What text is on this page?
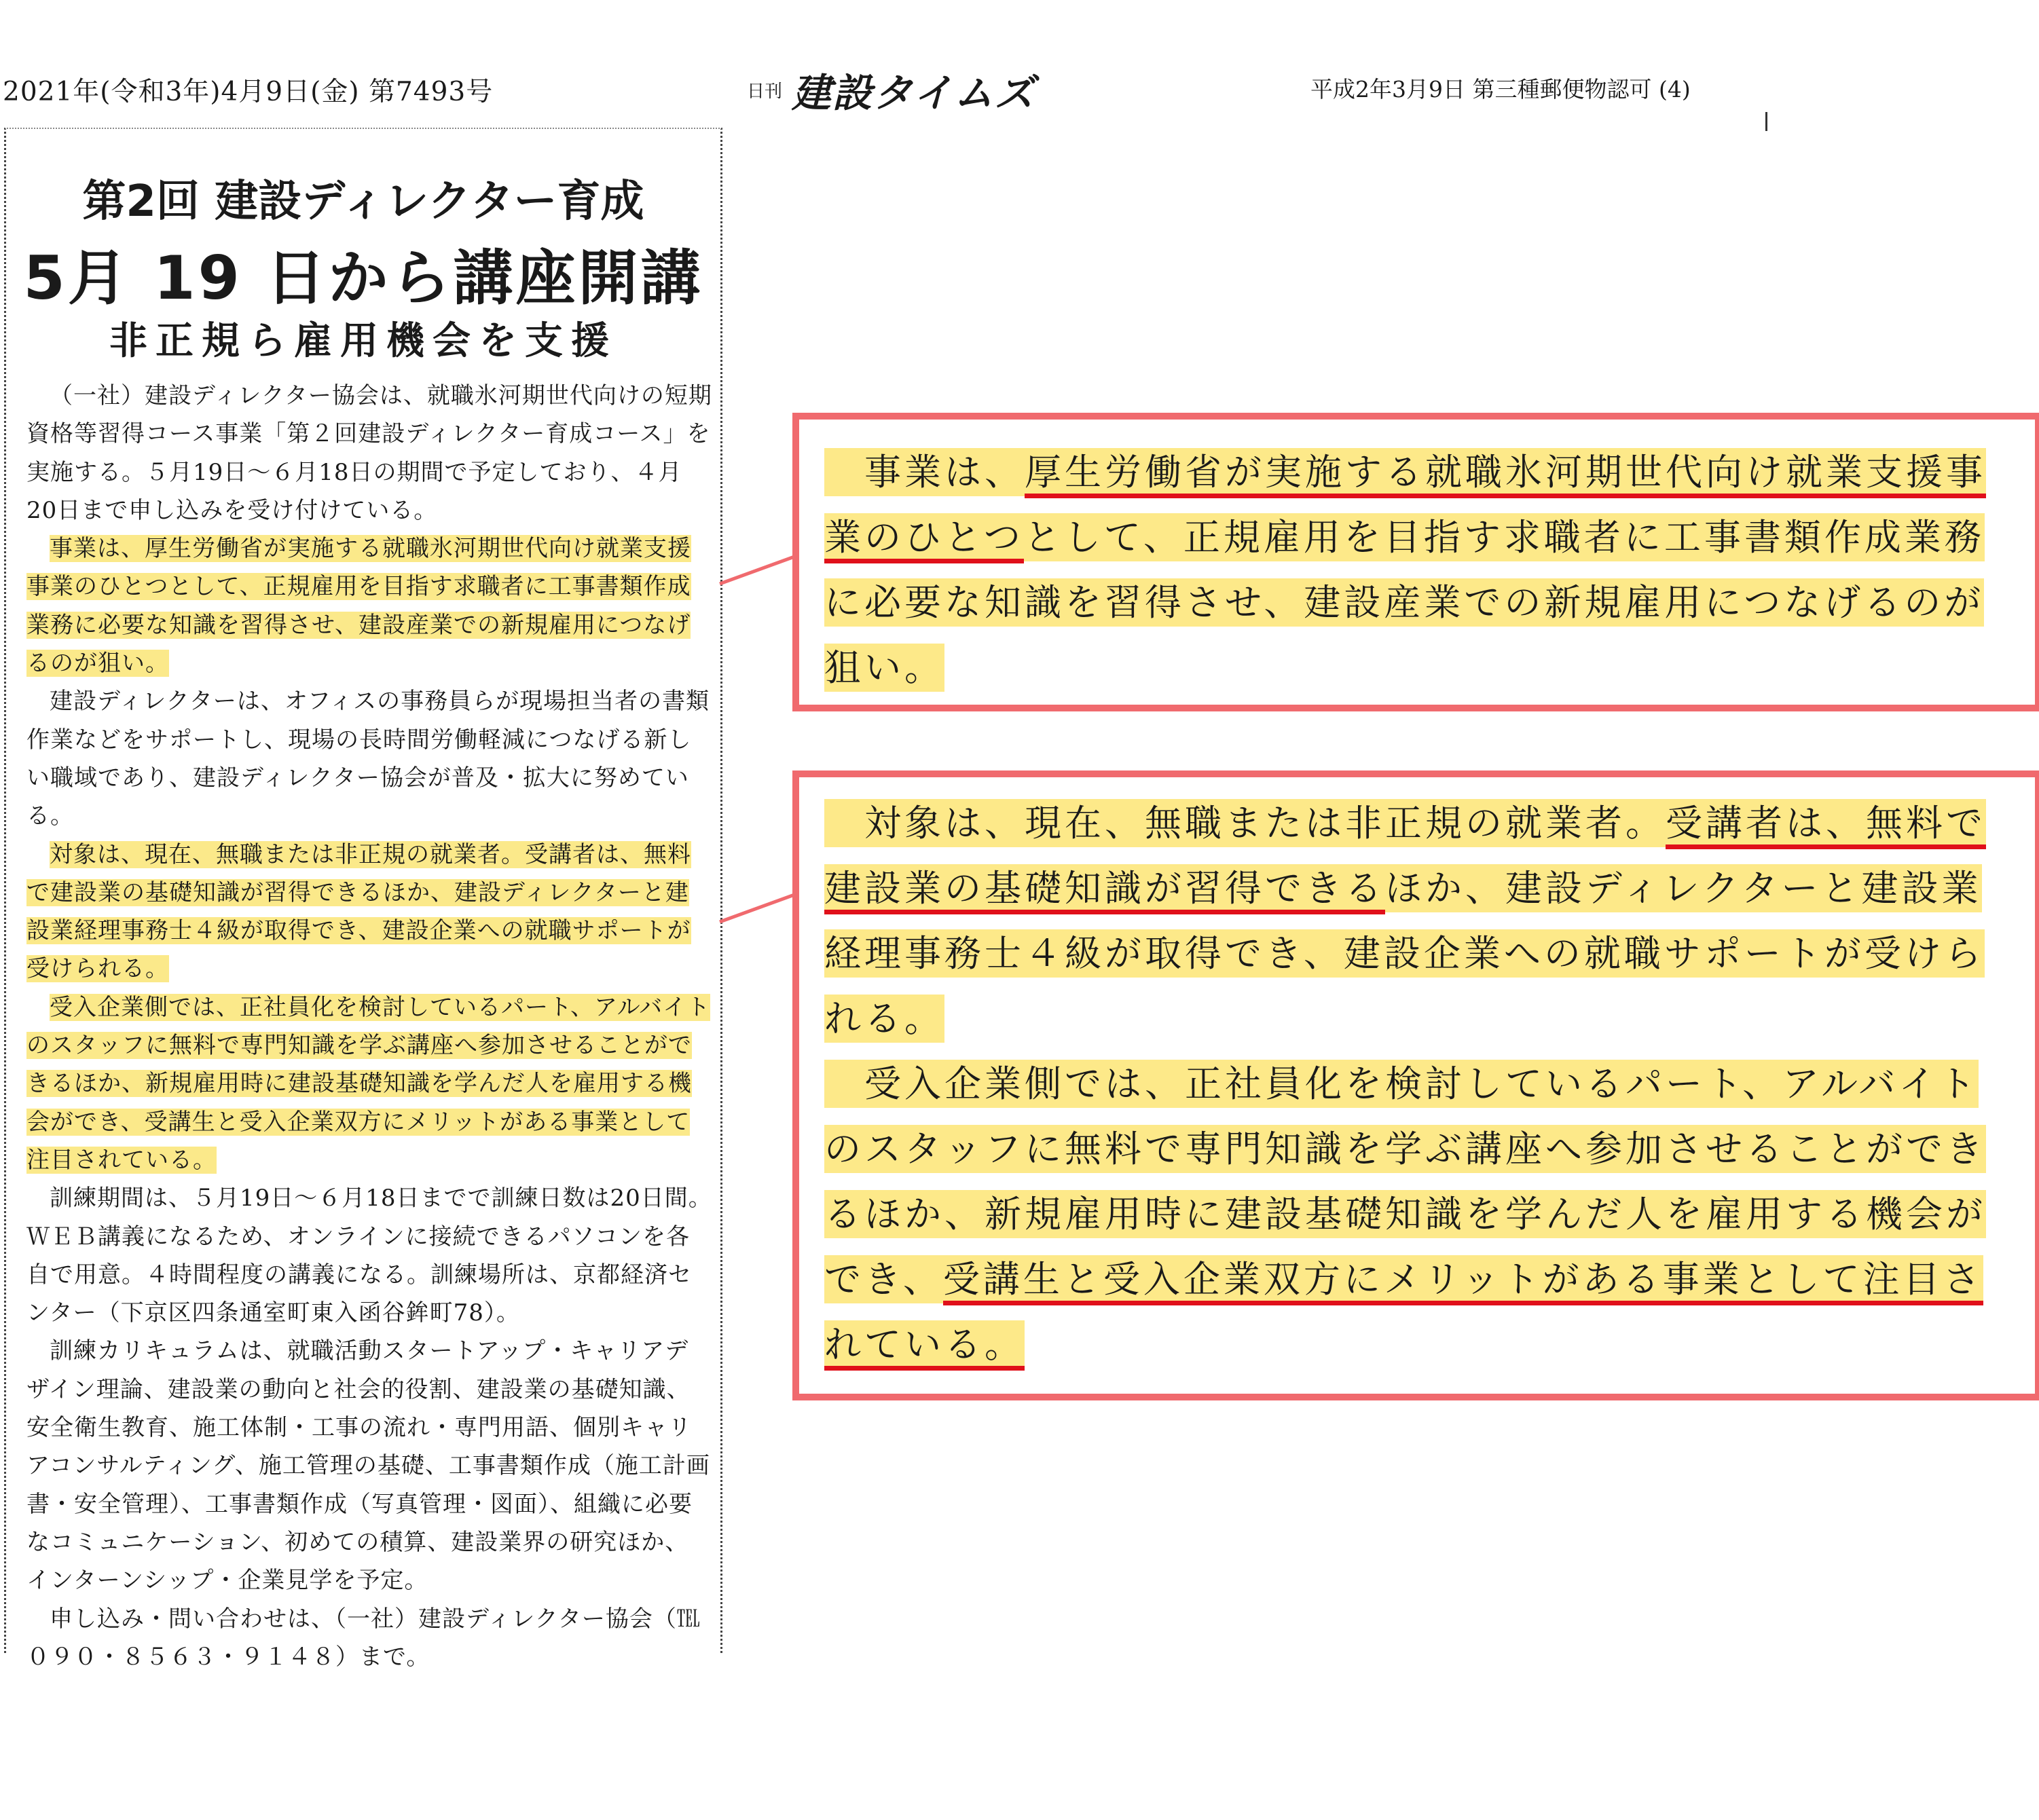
2021年(令和3年)4月9日(金) 第7493号	日刊 建設タイムズ	平成2年3月9日 第三種郵便物認可 (4)
第2回 建設ディレクター育成
5月 19 日から講座開講
非正規ら雇用機会を支援

（一社）建設ディレクター協会は、就職氷河期世代向けの短期資格等習得コース事業「第２回建設ディレクター育成コース」を実施する。５月19日～６月18日の期間で予定しており、４月20日まで申し込みを受け付けている。

事業は、厚生労働省が実施する就職氷河期世代向け就業支援事業のひとつとして、正規雇用を目指す求職者に工事書類作成業務に必要な知識を習得させ、建設産業での新規雇用につなげるのが狙い。

建設ディレクターは、オフィスの事務員らが現場担当者の書類作業などをサポートし、現場の長時間労働軽減につなげる新しい職域であり、建設ディレクター協会が普及・拡大に努めている。

対象は、現在、無職または非正規の就業者。受講者は、無料で建設業の基礎知識が習得できるほか、建設ディレクターと建設業経理事務士４級が取得でき、建設企業への就職サポートが受けられる。

受入企業側では、正社員化を検討しているパート、アルバイトのスタッフに無料で専門知識を学ぶ講座へ参加させることができるほか、新規雇用時に建設基礎知識を学んだ人を雇用する機会ができ、受講生と受入企業双方にメリットがある事業として注目されている。

訓練期間は、５月19日～６月18日までで訓練日数は20日間。ＷＥＢ講義になるため、オンラインに接続できるパソコンを各自で用意。４時間程度の講義になる。訓練場所は、京都経済センター（下京区四条通室町東入函谷鉾町78）。

訓練カリキュラムは、就職活動スタートアップ・キャリアデザイン理論、建設業の動向と社会的役割、建設業の基礎知識、安全衛生教育、施工体制・工事の流れ・専門用語、個別キャリアコンサルティング、施工管理の基礎、工事書類作成（施工計画書・安全管理）、工事書類作成（写真管理・図面）、組織に必要なコミュニケーション、初めての積算、建設業界の研究ほか、インターンシップ・企業見学を予定。

申し込み・問い合わせは、（一社）建設ディレクター協会（℡０９０・８５６３・９１４８）まで。

　事業は、厚生労働省が実施する就職氷河期世代向け就業支援事業のひとつとして、正規雇用を目指す求職者に工事書類作成業務に必要な知識を習得させ、建設産業での新規雇用につなげるのが狙い。
　対象は、現在、無職または非正規の就業者。受講者は、無料で建設業の基礎知識が習得できるほか、建設ディレクターと建設業経理事務士４級が取得でき、建設企業への就職サポートが受けられる。
　受入企業側では、正社員化を検討しているパート、アルバイトのスタッフに無料で専門知識を学ぶ講座へ参加させることができるほか、新規雇用時に建設基礎知識を学んだ人を雇用する機会ができ、受講生と受入企業双方にメリットがある事業として注目されている。
